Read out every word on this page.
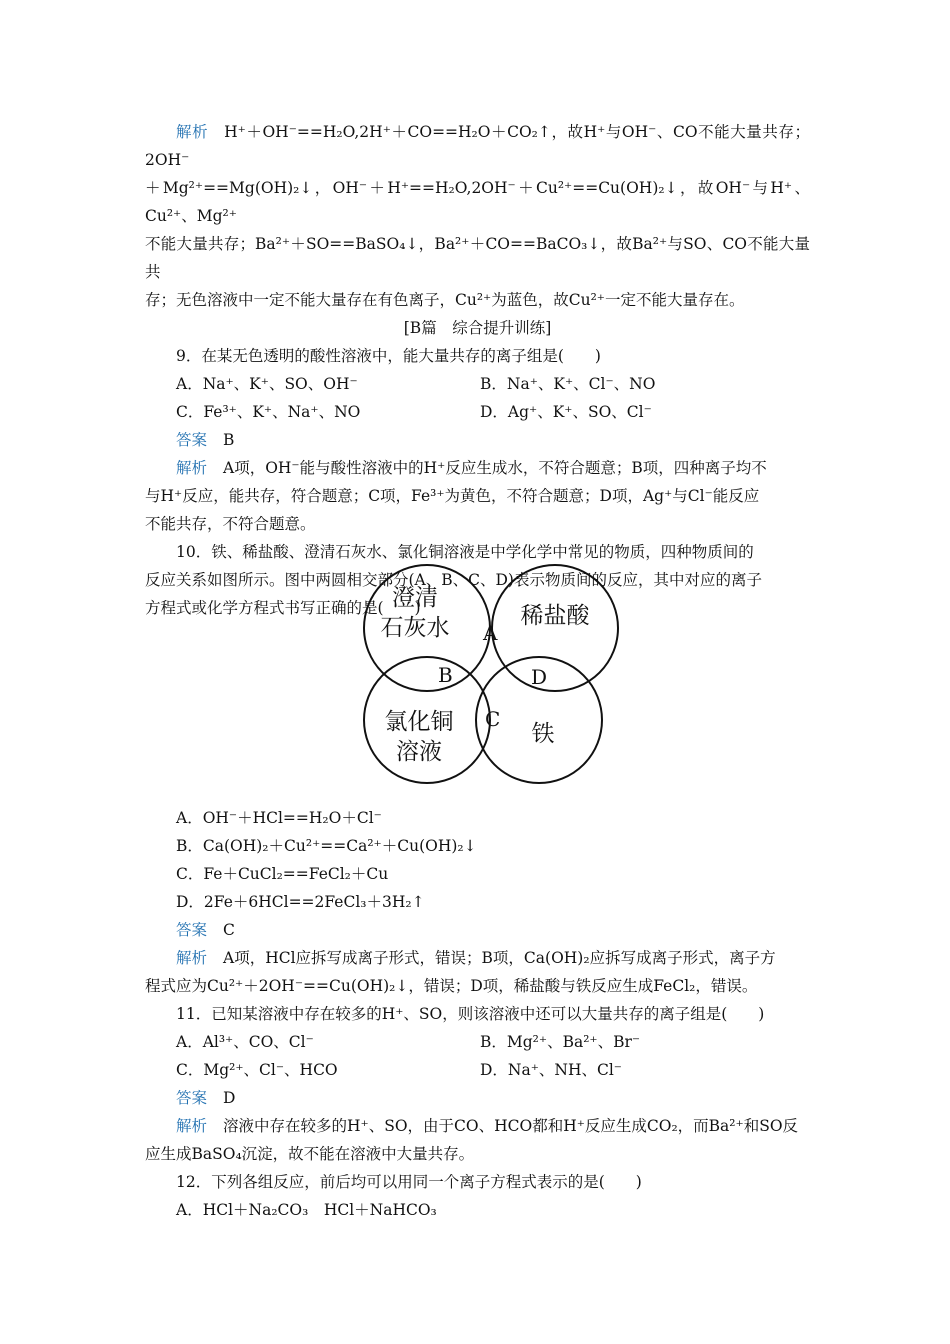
解析 H⁺＋OH⁻==H₂O,2H⁺＋CO==H₂O＋CO₂↑，故H⁺与OH⁻、CO不能大量共存；2OH⁻

＋Mg²⁺==Mg(OH)₂↓，OH⁻＋H⁺==H₂O,2OH⁻＋Cu²⁺==Cu(OH)₂↓，故OH⁻与H⁺、Cu²⁺、Mg²⁺

不能大量共存；Ba²⁺＋SO==BaSO₄↓，Ba²⁺＋CO==BaCO₃↓，故Ba²⁺与SO、CO不能大量共

存；无色溶液中一定不能大量存在有色离子，Cu²⁺为蓝色，故Cu²⁺一定不能大量存在。

[B篇　综合提升训练]

9．在某无色透明的酸性溶液中，能大量共存的离子组是(　　)

A．Na⁺、K⁺、SO、OH⁻	B．Na⁺、K⁺、Cl⁻、NO
C．Fe³⁺、K⁺、Na⁺、NO	D．Ag⁺、K⁺、SO、Cl⁻

答案 B

解析 A项，OH⁻能与酸性溶液中的H⁺反应生成水，不符合题意；B项，四种离子均不

与H⁺反应，能共存，符合题意；C项，Fe³⁺为黄色，不符合题意；D项，Ag⁺与Cl⁻能反应

不能共存，不符合题意。

10．铁、稀盐酸、澄清石灰水、氯化铜溶液是中学化学中常见的物质，四种物质间的

反应关系如图所示。图中两圆相交部分(A、B、C、D)表示物质间的反应，其中对应的离子

方程式或化学方程式书写正确的是(　　)

澄清
石灰水	稀盐酸
氯化铜
溶液
铁
A
B
C
D

A．OH⁻＋HCl==H₂O＋Cl⁻

B．Ca(OH)₂＋Cu²⁺==Ca²⁺＋Cu(OH)₂↓

C．Fe＋CuCl₂==FeCl₂＋Cu

D．2Fe＋6HCl==2FeCl₃＋3H₂↑

答案 C

解析 A项，HCl应拆写成离子形式，错误；B项，Ca(OH)₂应拆写成离子形式，离子方

程式应为Cu²⁺＋2OH⁻==Cu(OH)₂↓，错误；D项，稀盐酸与铁反应生成FeCl₂，错误。

11．已知某溶液中存在较多的H⁺、SO，则该溶液中还可以大量共存的离子组是(　　)

A．Al³⁺、CO、Cl⁻	B．Mg²⁺、Ba²⁺、Br⁻
C．Mg²⁺、Cl⁻、HCO	D．Na⁺、NH、Cl⁻

答案 D

解析 溶液中存在较多的H⁺、SO，由于CO、HCO都和H⁺反应生成CO₂，而Ba²⁺和SO反

应生成BaSO₄沉淀，故不能在溶液中大量共存。

12．下列各组反应，前后均可以用同一个离子方程式表示的是(　　)

A．HCl＋Na₂CO₃　HCl＋NaHCO₃
